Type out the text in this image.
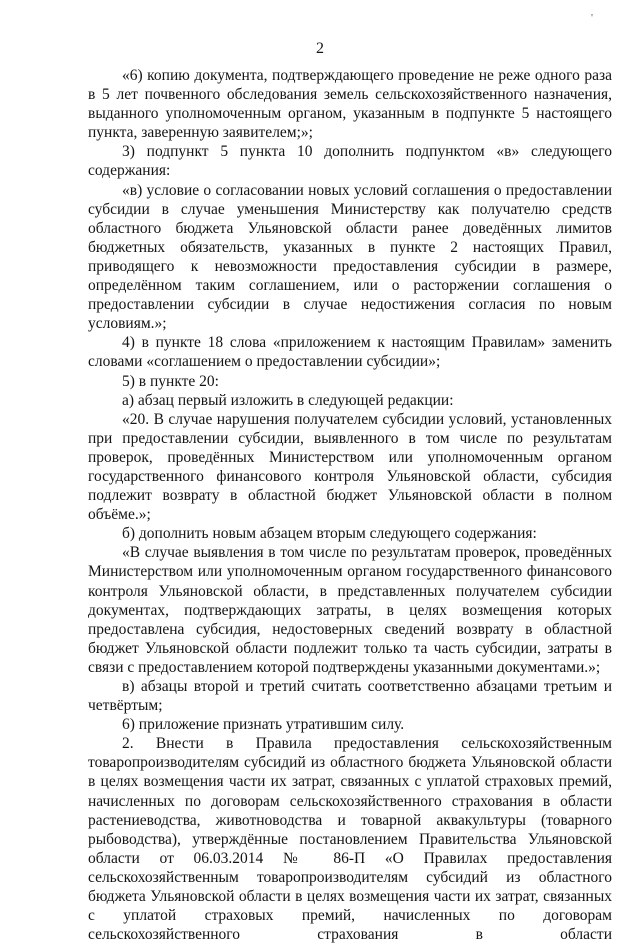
'
2

«6) копию документа, подтверждающего проведение не реже одного раза в 5 лет почвенного обследования земель сельскохозяйственного назначения, выданного уполномоченным органом, указанным в подпункте 5 настоящего пункта, заверенную заявителем;»;

3) подпункт 5 пункта 10 дополнить подпунктом «в» следующего содержания:

«в) условие о согласовании новых условий соглашения о предоставлении субсидии в случае уменьшения Министерству как получателю средств областного бюджета Ульяновской области ранее доведённых лимитов бюджетных обязательств, указанных в пункте 2 настоящих Правил, приводящего к невозможности предоставления субсидии в размере, определённом таким соглашением, или о расторжении соглашения о предоставлении субсидии в случае недостижения согласия по новым условиям.»;

4) в пункте 18 слова «приложением к настоящим Правилам» заменить словами «соглашением о предоставлении субсидии»;

5) в пункте 20:

а) абзац первый изложить в следующей редакции:

«20. В случае нарушения получателем субсидии условий, установленных при предоставлении субсидии, выявленного в том числе по результатам проверок, проведённых Министерством или уполномоченным органом государственного финансового контроля Ульяновской области, субсидия подлежит возврату в областной бюджет Ульяновской области в полном объёме.»;

б) дополнить новым абзацем вторым следующего содержания:

«В случае выявления в том числе по результатам проверок, проведённых Министерством или уполномоченным органом государственного финансового контроля Ульяновской области, в представленных получателем субсидии документах, подтверждающих затраты, в целях возмещения которых предоставлена субсидия, недостоверных сведений возврату в областной бюджет Ульяновской области подлежит только та часть субсидии, затраты в связи с предоставлением которой подтверждены указанными документами.»;

в) абзацы второй и третий считать соответственно абзацами третьим и четвёртым;

6) приложение признать утратившим силу.

2. Внести в Правила предоставления сельскохозяйственным товаропроизводителям субсидий из областного бюджета Ульяновской области в целях возмещения части их затрат, связанных с уплатой страховых премий, начисленных по договорам сельскохозяйственного страхования в области растениеводства, животноводства и товарной аквакультуры (товарного рыбоводства), утверждённые постановлением Правительства Ульяновской области от 06.03.2014 № 86-П «О Правилах предоставления сельскохозяйственным товаропроизводителям субсидий из областного бюджета Ульяновской области в целях возмещения части их затрат, связанных с уплатой страховых премий, начисленных по договорам сельскохозяйственного страхования в области
